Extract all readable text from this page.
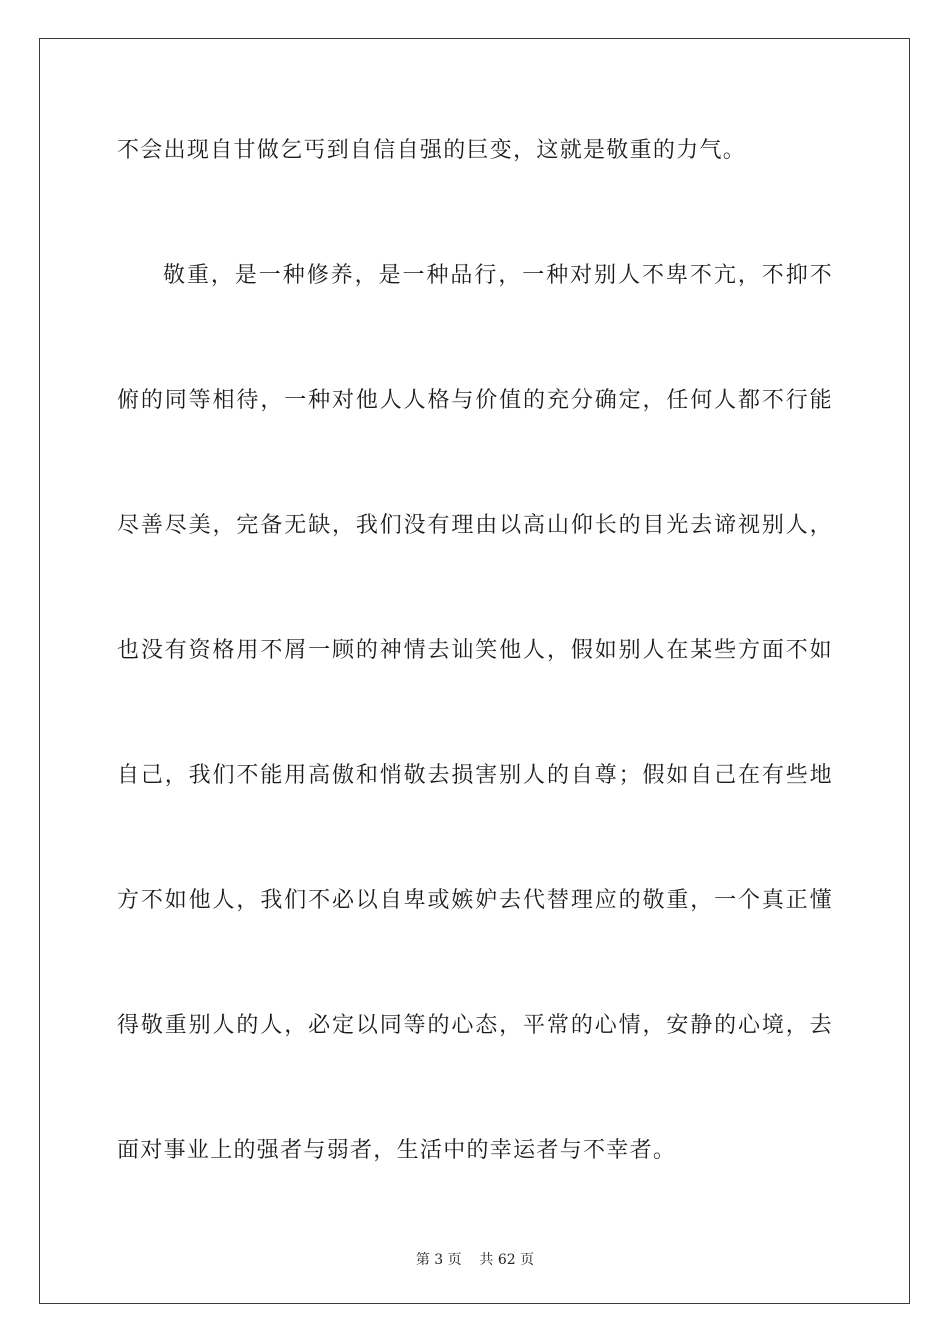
不会出现自甘做乞丐到自信自强的巨变，这就是敬重的力气。
敬重，是一种修养，是一种品行，一种对别人不卑不亢，不抑不
俯的同等相待，一种对他人人格与价值的充分确定，任何人都不行能
尽善尽美，完备无缺，我们没有理由以高山仰长的目光去谛视别人，
也没有资格用不屑一顾的神情去讪笑他人，假如别人在某些方面不如
自己，我们不能用高傲和悄敬去损害别人的自尊；假如自己在有些地
方不如他人，我们不必以自卑或嫉妒去代替理应的敬重，一个真正懂
得敬重别人的人，必定以同等的心态，平常的心情，安静的心境，去
面对事业上的强者与弱者，生活中的幸运者与不幸者。
第 3 页    共 62 页
